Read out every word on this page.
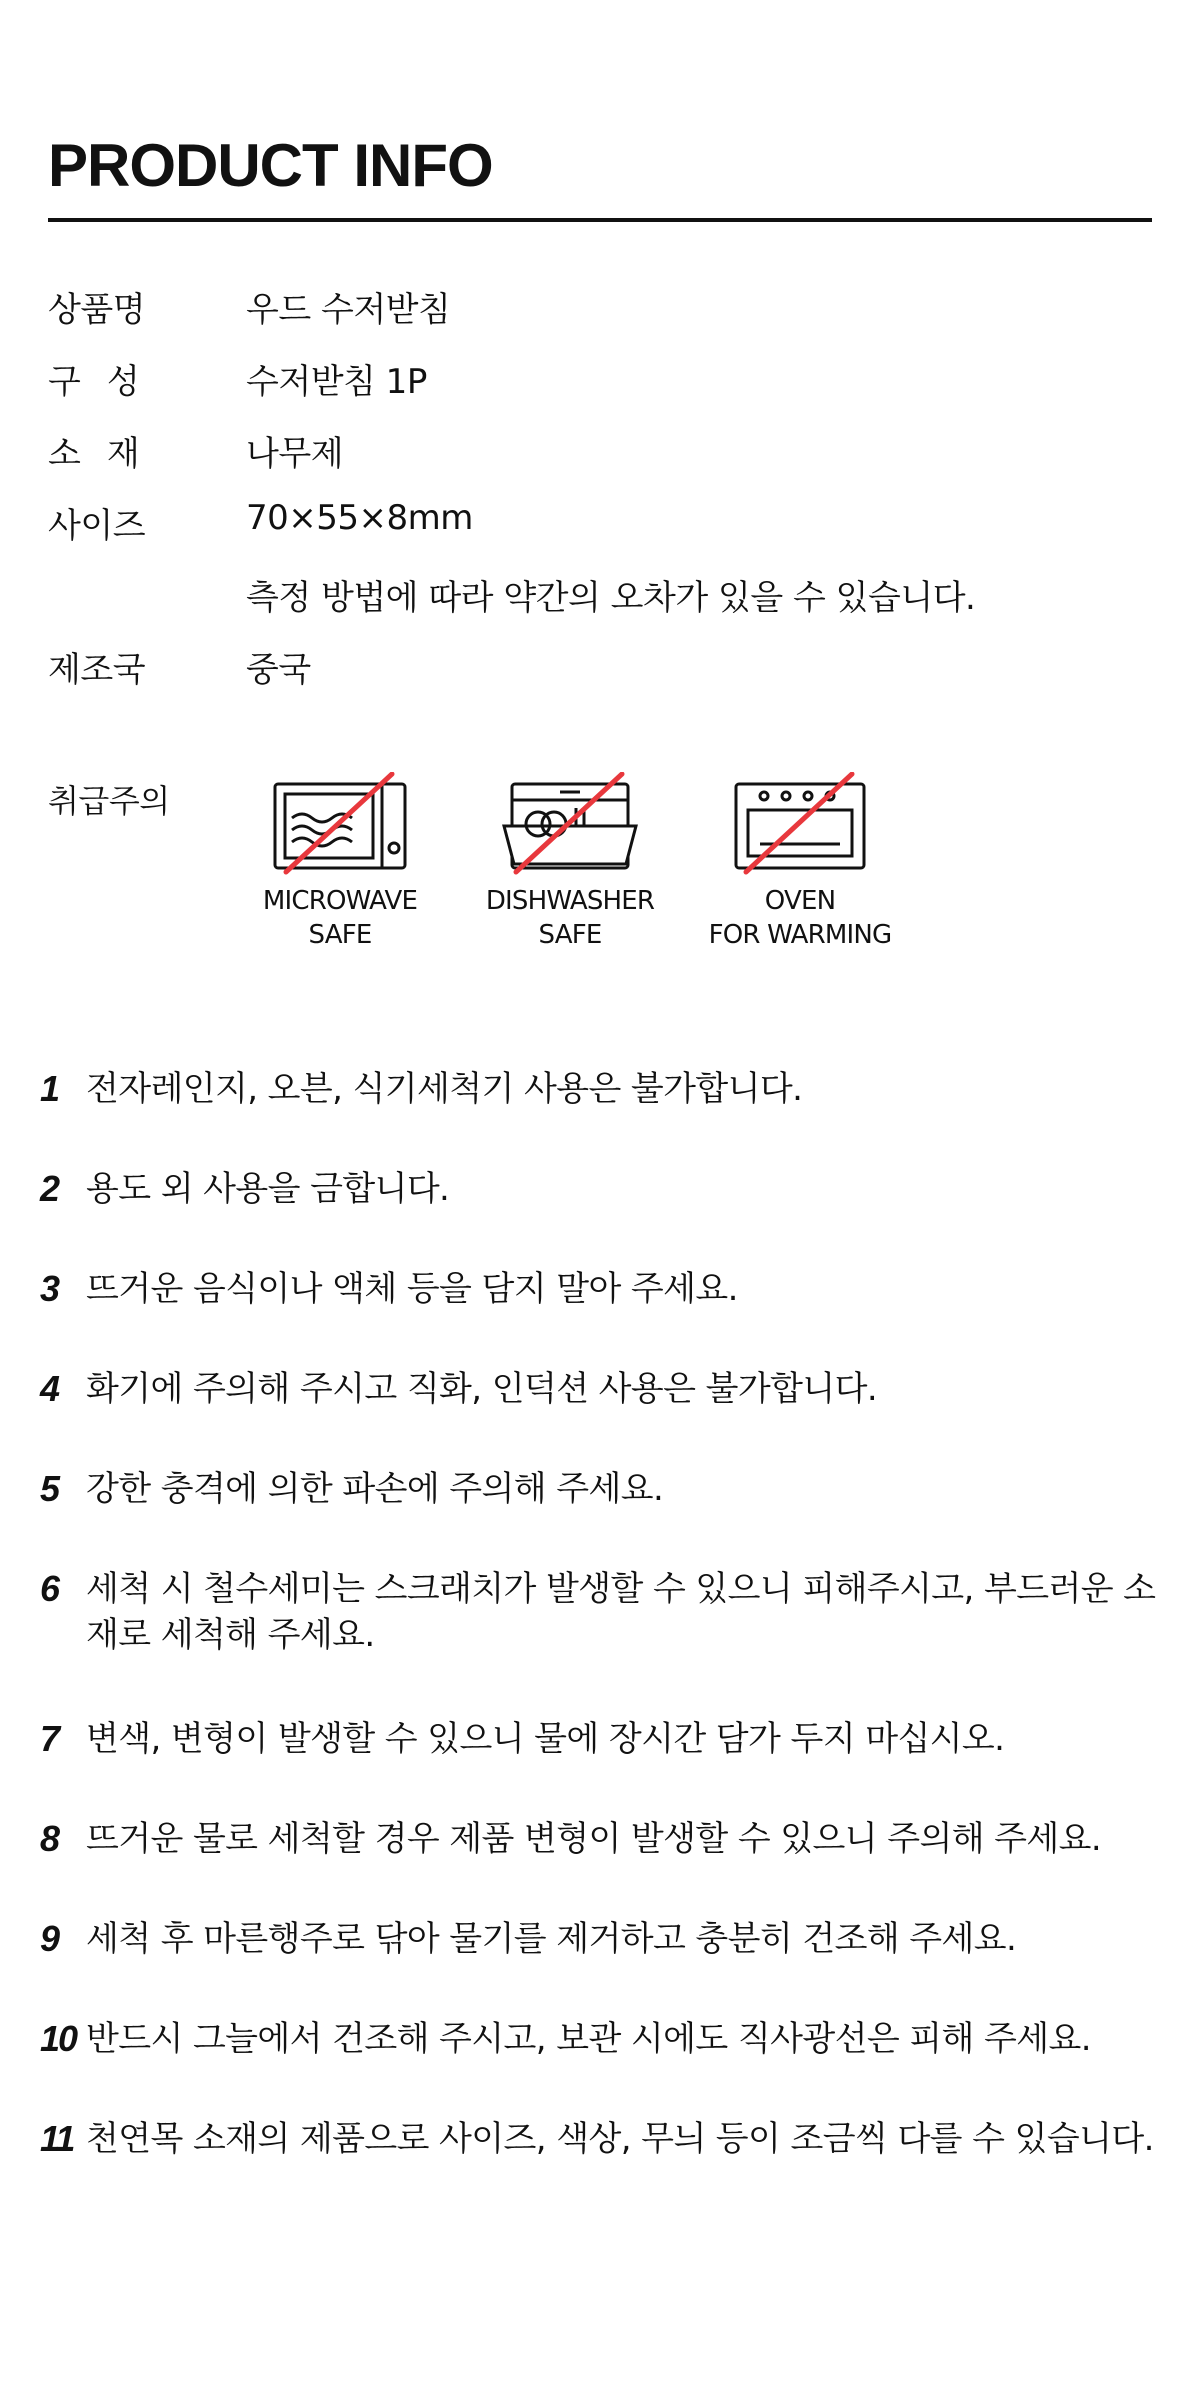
PRODUCT INFO
상품명	우드 수저받침
구성	수저받침 1P
소재	나무제
사이즈	70×55×8mm
측정 방법에 따라 약간의 오차가 있을 수 있습니다.
제조국	중국
취급주의
MICROWAVE
SAFE
DISHWASHER
SAFE
OVEN
FOR WARMING
1 전자레인지, 오븐, 식기세척기 사용은 불가합니다.
2 용도 외 사용을 금합니다.
3 뜨거운 음식이나 액체 등을 담지 말아 주세요.
4 화기에 주의해 주시고 직화, 인덕션 사용은 불가합니다.
5 강한 충격에 의한 파손에 주의해 주세요.
6 세척 시 철수세미는 스크래치가 발생할 수 있으니 피해주시고, 부드러운 소재로 세척해 주세요.
7 변색, 변형이 발생할 수 있으니 물에 장시간 담가 두지 마십시오.
8 뜨거운 물로 세척할 경우 제품 변형이 발생할 수 있으니 주의해 주세요.
9 세척 후 마른행주로 닦아 물기를 제거하고 충분히 건조해 주세요.
10 반드시 그늘에서 건조해 주시고, 보관 시에도 직사광선은 피해 주세요.
11 천연목 소재의 제품으로 사이즈, 색상, 무늬 등이 조금씩 다를 수 있습니다.
